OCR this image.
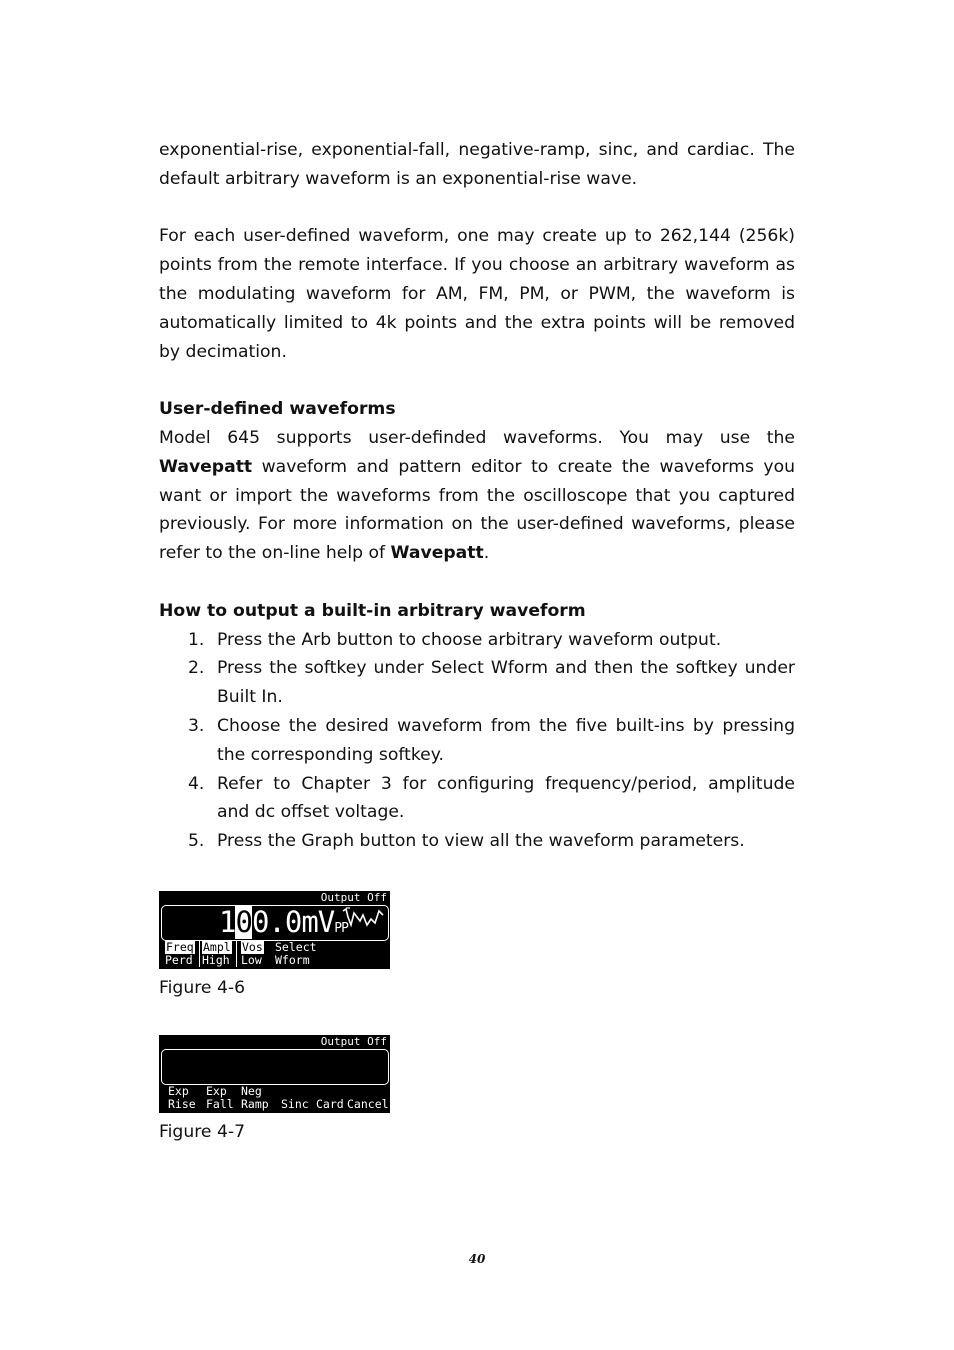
exponential-rise, exponential-fall, negative-ramp, sinc, and cardiac. The default arbitrary waveform is an exponential-rise wave.

For each user-defined waveform, one may create up to 262,144 (256k) points from the remote interface. If you choose an arbitrary waveform as the modulating waveform for AM, FM, PM, or PWM, the waveform is automatically limited to 4k points and the extra points will be removed by decimation.

User-defined waveforms

Model 645 supports user-definded waveforms. You may use the Wavepatt waveform and pattern editor to create the waveforms you want or import the waveforms from the oscilloscope that you captured previously. For more information on the user-defined waveforms, please refer to the on-line help of Wavepatt.

How to output a built-in arbitrary waveform
1. Press the Arb button to choose arbitrary waveform output.
2. Press the softkey under Select Wform and then the softkey under Built In.
3. Choose the desired waveform from the five built-ins by pressing the corresponding softkey.
4. Refer to Chapter 3 for configuring frequency/period, amplitude and dc offset voltage.
5. Press the Graph button to view all the waveform parameters.
Output Off
100.0mVPP
Freq
Perd
Ampl
High
Vos
Low
Select
Wform
Figure 4-6
Output Off
Exp
Rise
Exp
Fall
Neg
Ramp
Sinc
Card
Cancel
Figure 4-7
40
